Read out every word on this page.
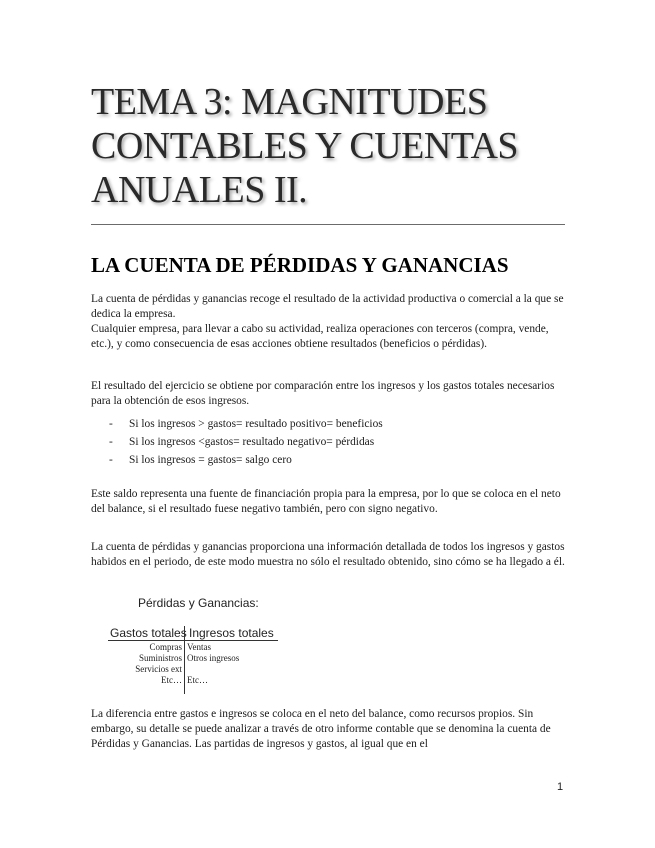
TEMA 3: MAGNITUDES CONTABLES Y CUENTAS ANUALES II.
LA CUENTA DE PÉRDIDAS Y GANANCIAS

La cuenta de pérdidas y ganancias recoge el resultado de la actividad productiva o comercial a la que se dedica la empresa.

Cualquier empresa, para llevar a cabo su actividad, realiza operaciones con terceros (compra, vende, etc.), y como consecuencia de esas acciones obtiene resultados (beneficios o pérdidas).

El resultado del ejercicio se obtiene por comparación entre los ingresos y los gastos totales necesarios para la obtención de esos ingresos.

- Si los ingresos > gastos= resultado positivo= beneficios
- Si los ingresos <gastos= resultado negativo= pérdidas
- Si los ingresos = gastos= salgo cero

Este saldo representa una fuente de financiación propia para la empresa, por lo que se coloca en el neto del balance, si el resultado fuese negativo también, pero con signo negativo.

La cuenta de pérdidas y ganancias proporciona una información detallada de todos los ingresos y gastos habidos en el periodo, de este modo muestra no sólo el resultado obtenido, sino cómo se ha llegado a él.

Pérdidas y Ganancias:
Gastos totales Ingresos totales
Compras
Suministros
Servicios ext
Etc…
Ventas
Otros ingresos

Etc…

La diferencia entre gastos e ingresos se coloca en el neto del balance, como recursos propios. Sin embargo, su detalle se puede analizar a través de otro informe contable que se denomina la cuenta de Pérdidas y Ganancias. Las partidas de ingresos y gastos, al igual que en el

1
